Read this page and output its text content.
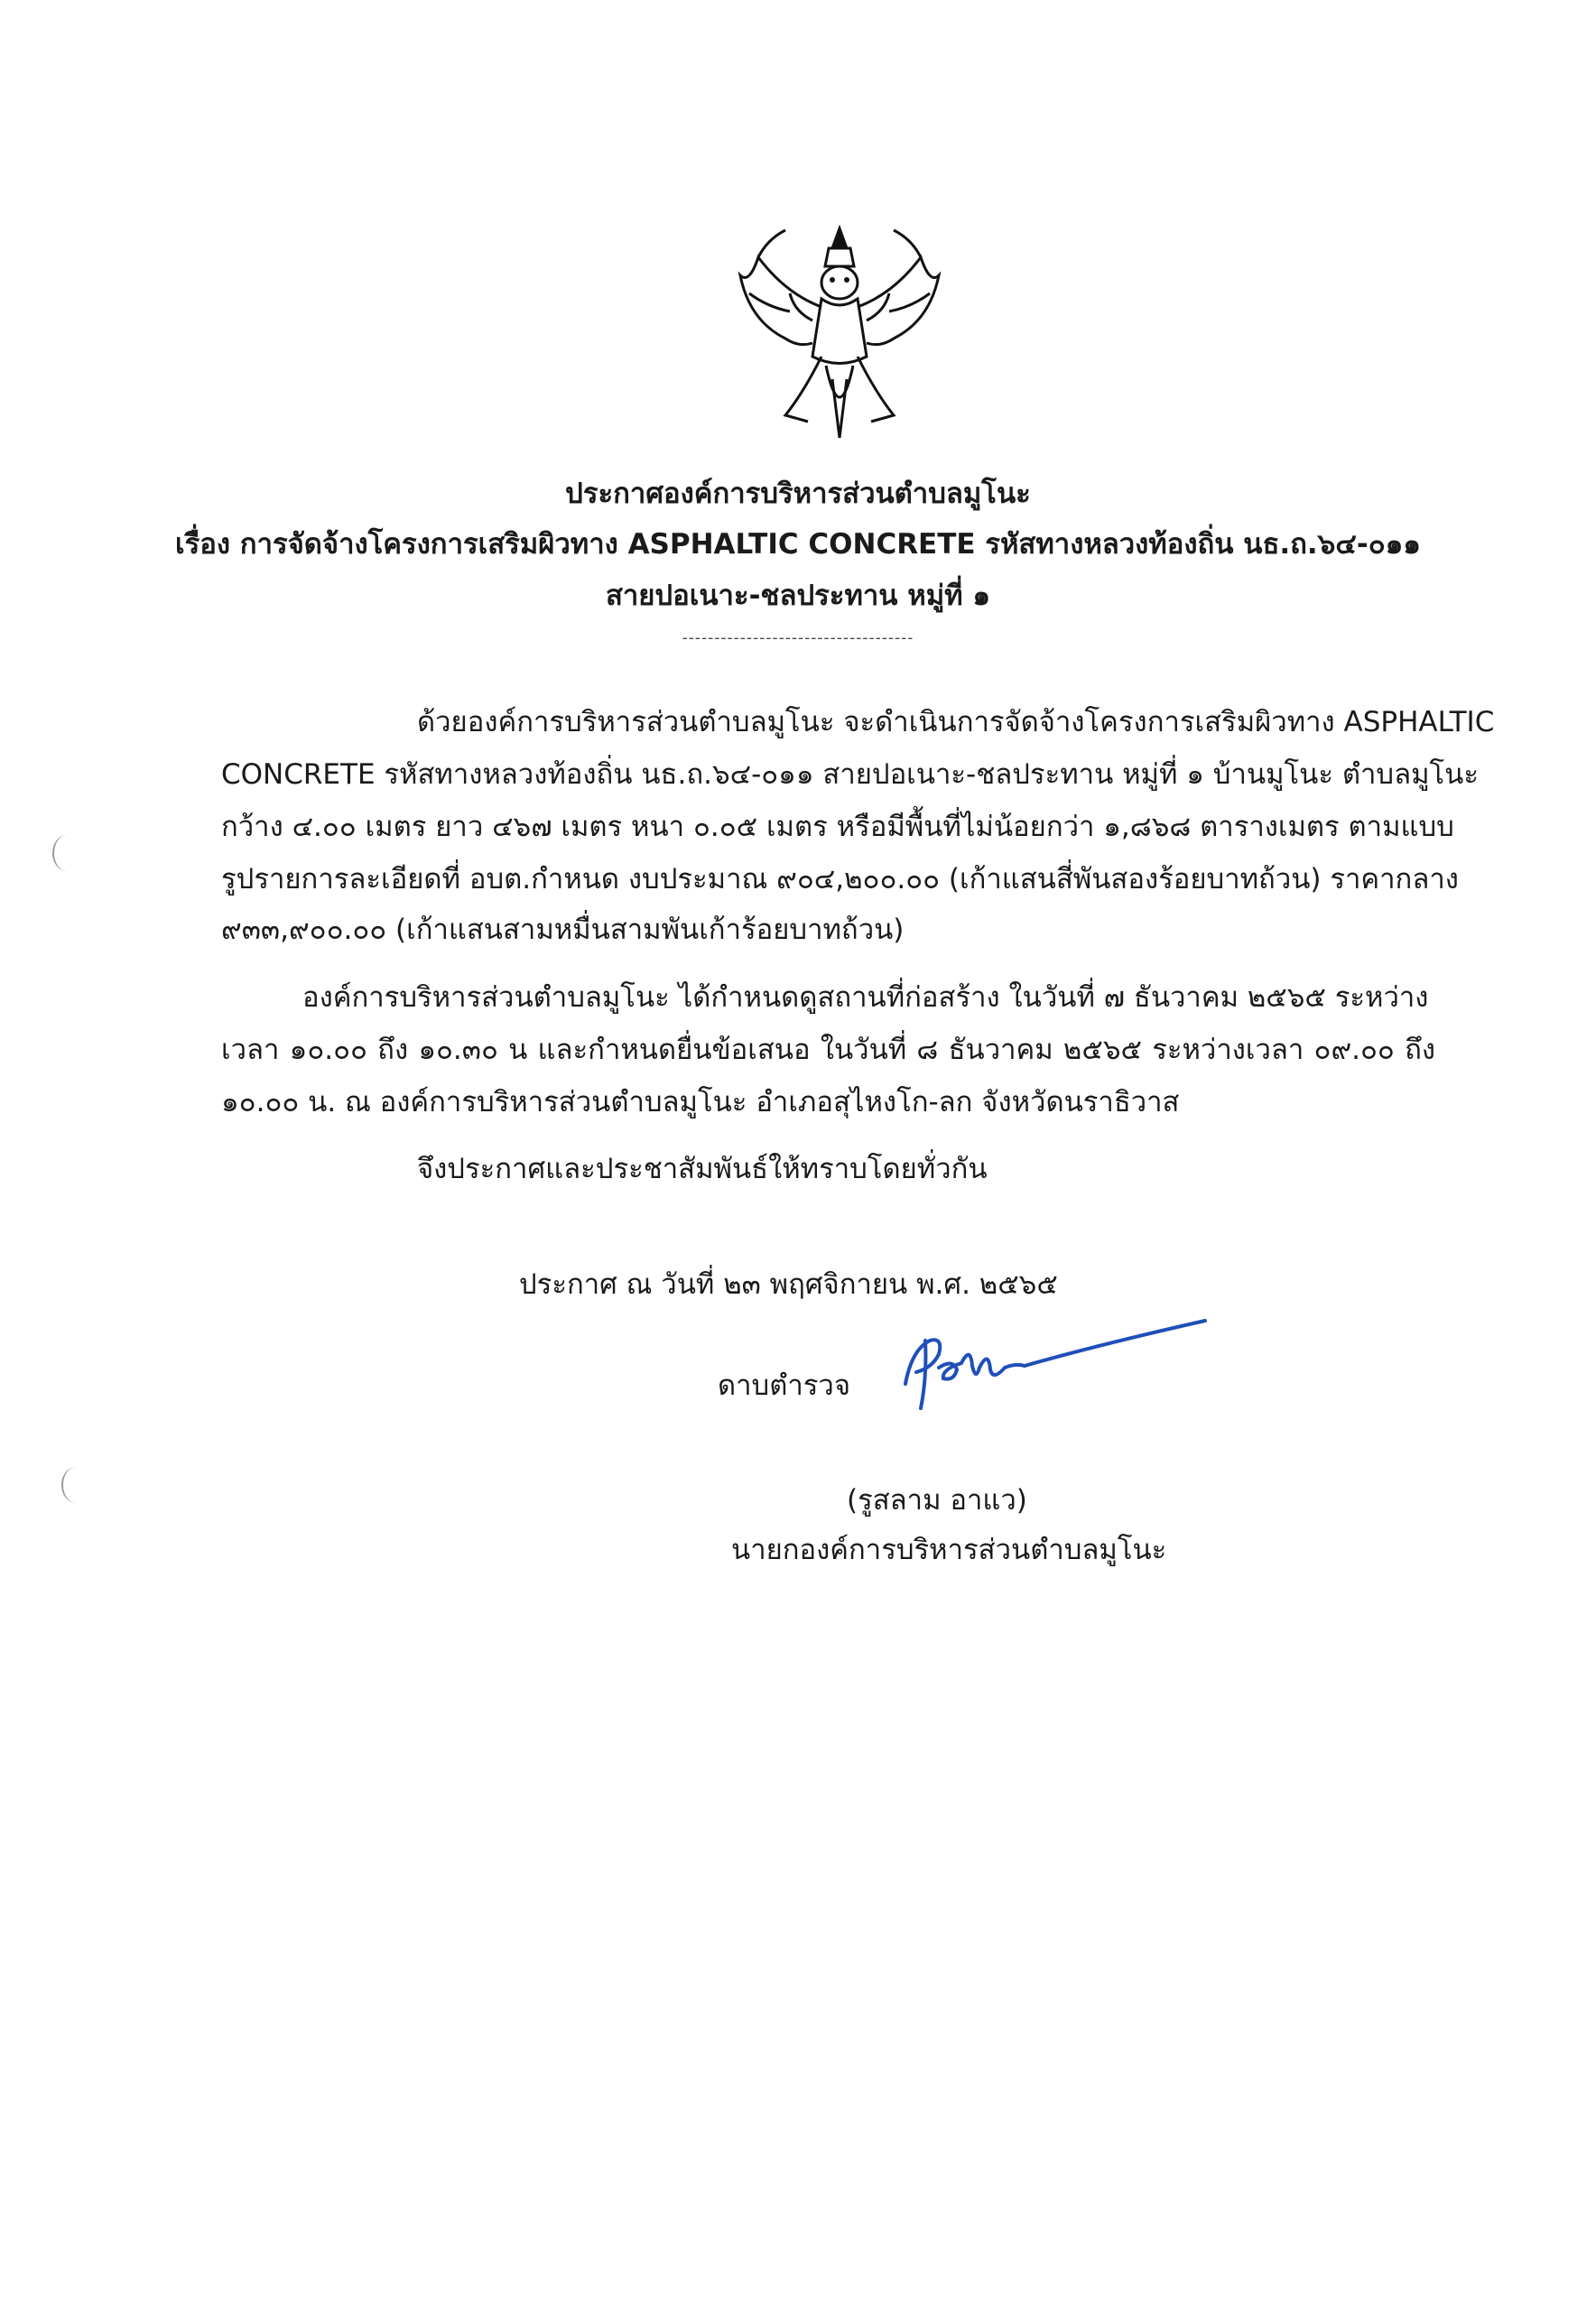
ประกาศองค์การบริหารส่วนตำบลมูโนะ
เรื่อง การจัดจ้างโครงการเสริมผิวทาง ASPHALTIC CONCRETE รหัสทางหลวงท้องถิ่น นธ.ถ.๖๔-๐๑๑
สายปอเนาะ-ชลประทาน หมู่ที่ ๑
------------------------------------
ด้วยองค์การบริหารส่วนตำบลมูโนะ จะดำเนินการจัดจ้างโครงการเสริมผิวทาง ASPHALTIC
CONCRETE รหัสทางหลวงท้องถิ่น นธ.ถ.๖๔-๐๑๑ สายปอเนาะ-ชลประทาน หมู่ที่ ๑ บ้านมูโนะ ตำบลมูโนะ
กว้าง ๔.๐๐ เมตร ยาว ๔๖๗ เมตร หนา ๐.๐๕ เมตร หรือมีพื้นที่ไม่น้อยกว่า ๑,๘๖๘ ตารางเมตร ตามแบบ
รูปรายการละเอียดที่ อบต.กำหนด งบประมาณ ๙๐๔,๒๐๐.๐๐ (เก้าแสนสี่พันสองร้อยบาทถ้วน) ราคากลาง
๙๓๓,๙๐๐.๐๐ (เก้าแสนสามหมื่นสามพันเก้าร้อยบาทถ้วน)
องค์การบริหารส่วนตำบลมูโนะ ได้กำหนดดูสถานที่ก่อสร้าง ในวันที่ ๗ ธันวาคม ๒๕๖๕ ระหว่าง
เวลา ๑๐.๐๐ ถึง ๑๐.๓๐ น และกำหนดยื่นข้อเสนอ ในวันที่ ๘ ธันวาคม ๒๕๖๕ ระหว่างเวลา ๐๙.๐๐ ถึง
๑๐.๐๐ น. ณ องค์การบริหารส่วนตำบลมูโนะ อำเภอสุไหงโก-ลก จังหวัดนราธิวาส
จึงประกาศและประชาสัมพันธ์ให้ทราบโดยทั่วกัน
ประกาศ ณ วันที่ ๒๓ พฤศจิกายน พ.ศ. ๒๕๖๕
ดาบตำรวจ
(รูสลาม อาแว)
นายกองค์การบริหารส่วนตำบลมูโนะ
